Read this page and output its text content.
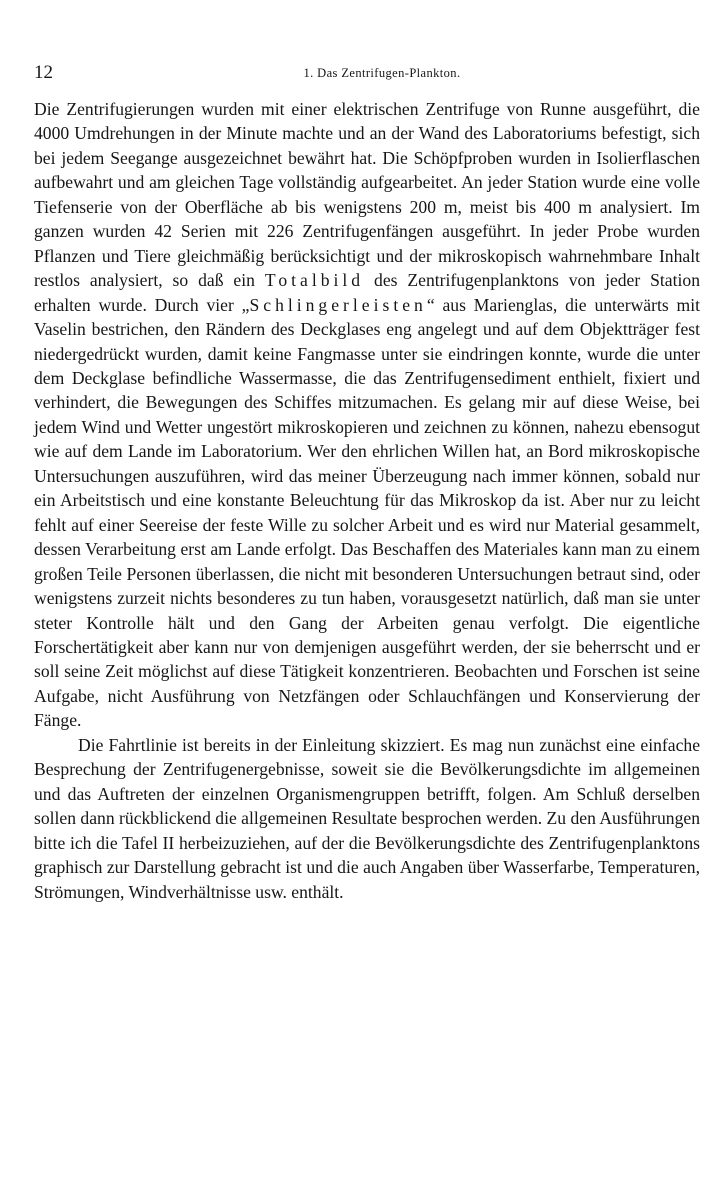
12	1. Das Zentrifugen-Plankton.

Die Zentrifugierungen wurden mit einer elektrischen Zentrifuge von Runne ausgeführt, die 4000 Umdrehungen in der Minute machte und an der Wand des Laboratoriums befestigt, sich bei jedem Seegange ausgezeichnet bewährt hat. Die Schöpfproben wurden in Isolierflaschen aufbewahrt und am gleichen Tage vollständig aufgearbeitet. An jeder Station wurde eine volle Tiefenserie von der Oberfläche ab bis wenigstens 200 m, meist bis 400 m analysiert. Im ganzen wurden 42 Serien mit 226 Zentrifugenfängen ausgeführt. In jeder Probe wurden Pflanzen und Tiere gleichmäßig berücksichtigt und der mikroskopisch wahrnehmbare Inhalt restlos analysiert, so daß ein Totalbild des Zentrifugenplanktons von jeder Station erhalten wurde. Durch vier „Schlingerleisten“ aus Marienglas, die unterwärts mit Vaselin bestrichen, den Rändern des Deckglases eng angelegt und auf dem Objektträger fest niedergedrückt wurden, damit keine Fangmasse unter sie eindringen konnte, wurde die unter dem Deckglase befindliche Wassermasse, die das Zentrifugensediment enthielt, fixiert und verhindert, die Bewegungen des Schiffes mitzumachen. Es gelang mir auf diese Weise, bei jedem Wind und Wetter ungestört mikroskopieren und zeichnen zu können, nahezu ebensogut wie auf dem Lande im Laboratorium. Wer den ehrlichen Willen hat, an Bord mikroskopische Untersuchungen auszuführen, wird das meiner Überzeugung nach immer können, sobald nur ein Arbeitstisch und eine konstante Beleuchtung für das Mikroskop da ist. Aber nur zu leicht fehlt auf einer Seereise der feste Wille zu solcher Arbeit und es wird nur Material gesammelt, dessen Verarbeitung erst am Lande erfolgt. Das Beschaffen des Materiales kann man zu einem großen Teile Personen überlassen, die nicht mit besonderen Untersuchungen betraut sind, oder wenigstens zurzeit nichts besonderes zu tun haben, vorausgesetzt natürlich, daß man sie unter steter Kontrolle hält und den Gang der Arbeiten genau verfolgt. Die eigentliche Forschertätigkeit aber kann nur von demjenigen ausgeführt werden, der sie beherrscht und er soll seine Zeit möglichst auf diese Tätigkeit konzentrieren. Beobachten und Forschen ist seine Aufgabe, nicht Ausführung von Netzfängen oder Schlauchfängen und Konservierung der Fänge.

Die Fahrtlinie ist bereits in der Einleitung skizziert. Es mag nun zunächst eine einfache Besprechung der Zentrifugenergebnisse, soweit sie die Bevölkerungsdichte im allgemeinen und das Auftreten der einzelnen Organismengruppen betrifft, folgen. Am Schluß derselben sollen dann rückblickend die allgemeinen Resultate besprochen werden. Zu den Ausführungen bitte ich die Tafel II herbeizuziehen, auf der die Bevölkerungsdichte des Zentrifugenplanktons graphisch zur Darstellung gebracht ist und die auch Angaben über Wasserfarbe, Temperaturen, Strömungen, Windverhältnisse usw. enthält.
